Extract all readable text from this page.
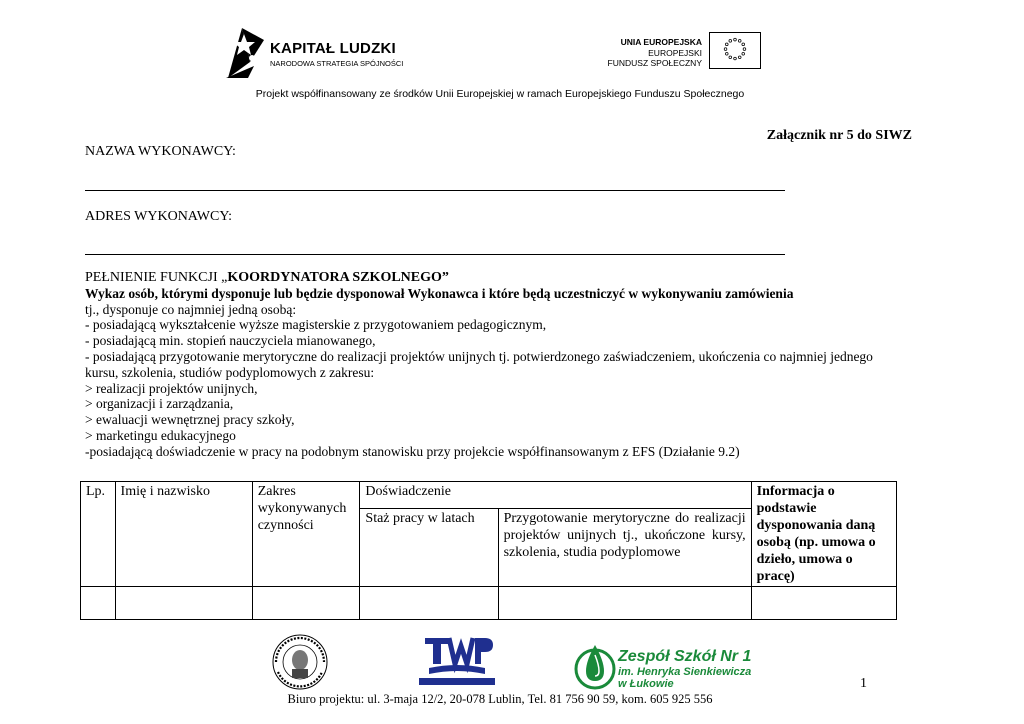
KAPITAŁ LUDZKI
NARODOWA STRATEGIA SPÓJNOŚCI
UNIA EUROPEJSKA
EUROPEJSKI
FUNDUSZ SPOŁECZNY
Projekt współfinansowany ze środków Unii Europejskiej w ramach Europejskiego Funduszu Społecznego
Załącznik nr 5 do SIWZ
NAZWA WYKONAWCY:
ADRES WYKONAWCY:
PEŁNIENIE FUNKCJI „KOORDYNATORA SZKOLNEGO”
Wykaz osób, którymi dysponuje lub będzie dysponował Wykonawca i które będą uczestniczyć w wykonywaniu zamówienia
tj., dysponuje co najmniej jedną osobą:
- posiadającą wykształcenie wyższe magisterskie z przygotowaniem pedagogicznym,
- posiadającą min. stopień nauczyciela mianowanego,
- posiadającą przygotowanie merytoryczne do realizacji projektów unijnych tj. potwierdzonego zaświadczeniem, ukończenia co najmniej jednego
kursu, szkolenia, studiów podyplomowych z zakresu:
> realizacji projektów unijnych,
> organizacji i zarządzania,
> ewaluacji wewnętrznej pracy szkoły,
> marketingu edukacyjnego
-posiadającą doświadczenie w pracy na podobnym stanowisku przy projekcie współfinansowanym z EFS (Działanie 9.2)
Lp.	Imię i nazwisko	Zakres wykonywanych czynności	Doświadczenie		Informacja o podstawie dysponowania daną osobą (np. umowa o dzieło, umowa o pracę)
			Staż pracy w latach	Przygotowanie merytoryczne do realizacji projektów unijnych tj., ukończone kursy, szkolenia, studia podyplomowe	

Zespół Szkół Nr 1
im. Henryka Sienkiewicza
w Łukowie	1
Biuro projektu: ul. 3-maja 12/2, 20-078 Lublin, Tel. 81 756 90 59, kom. 605 925 556
